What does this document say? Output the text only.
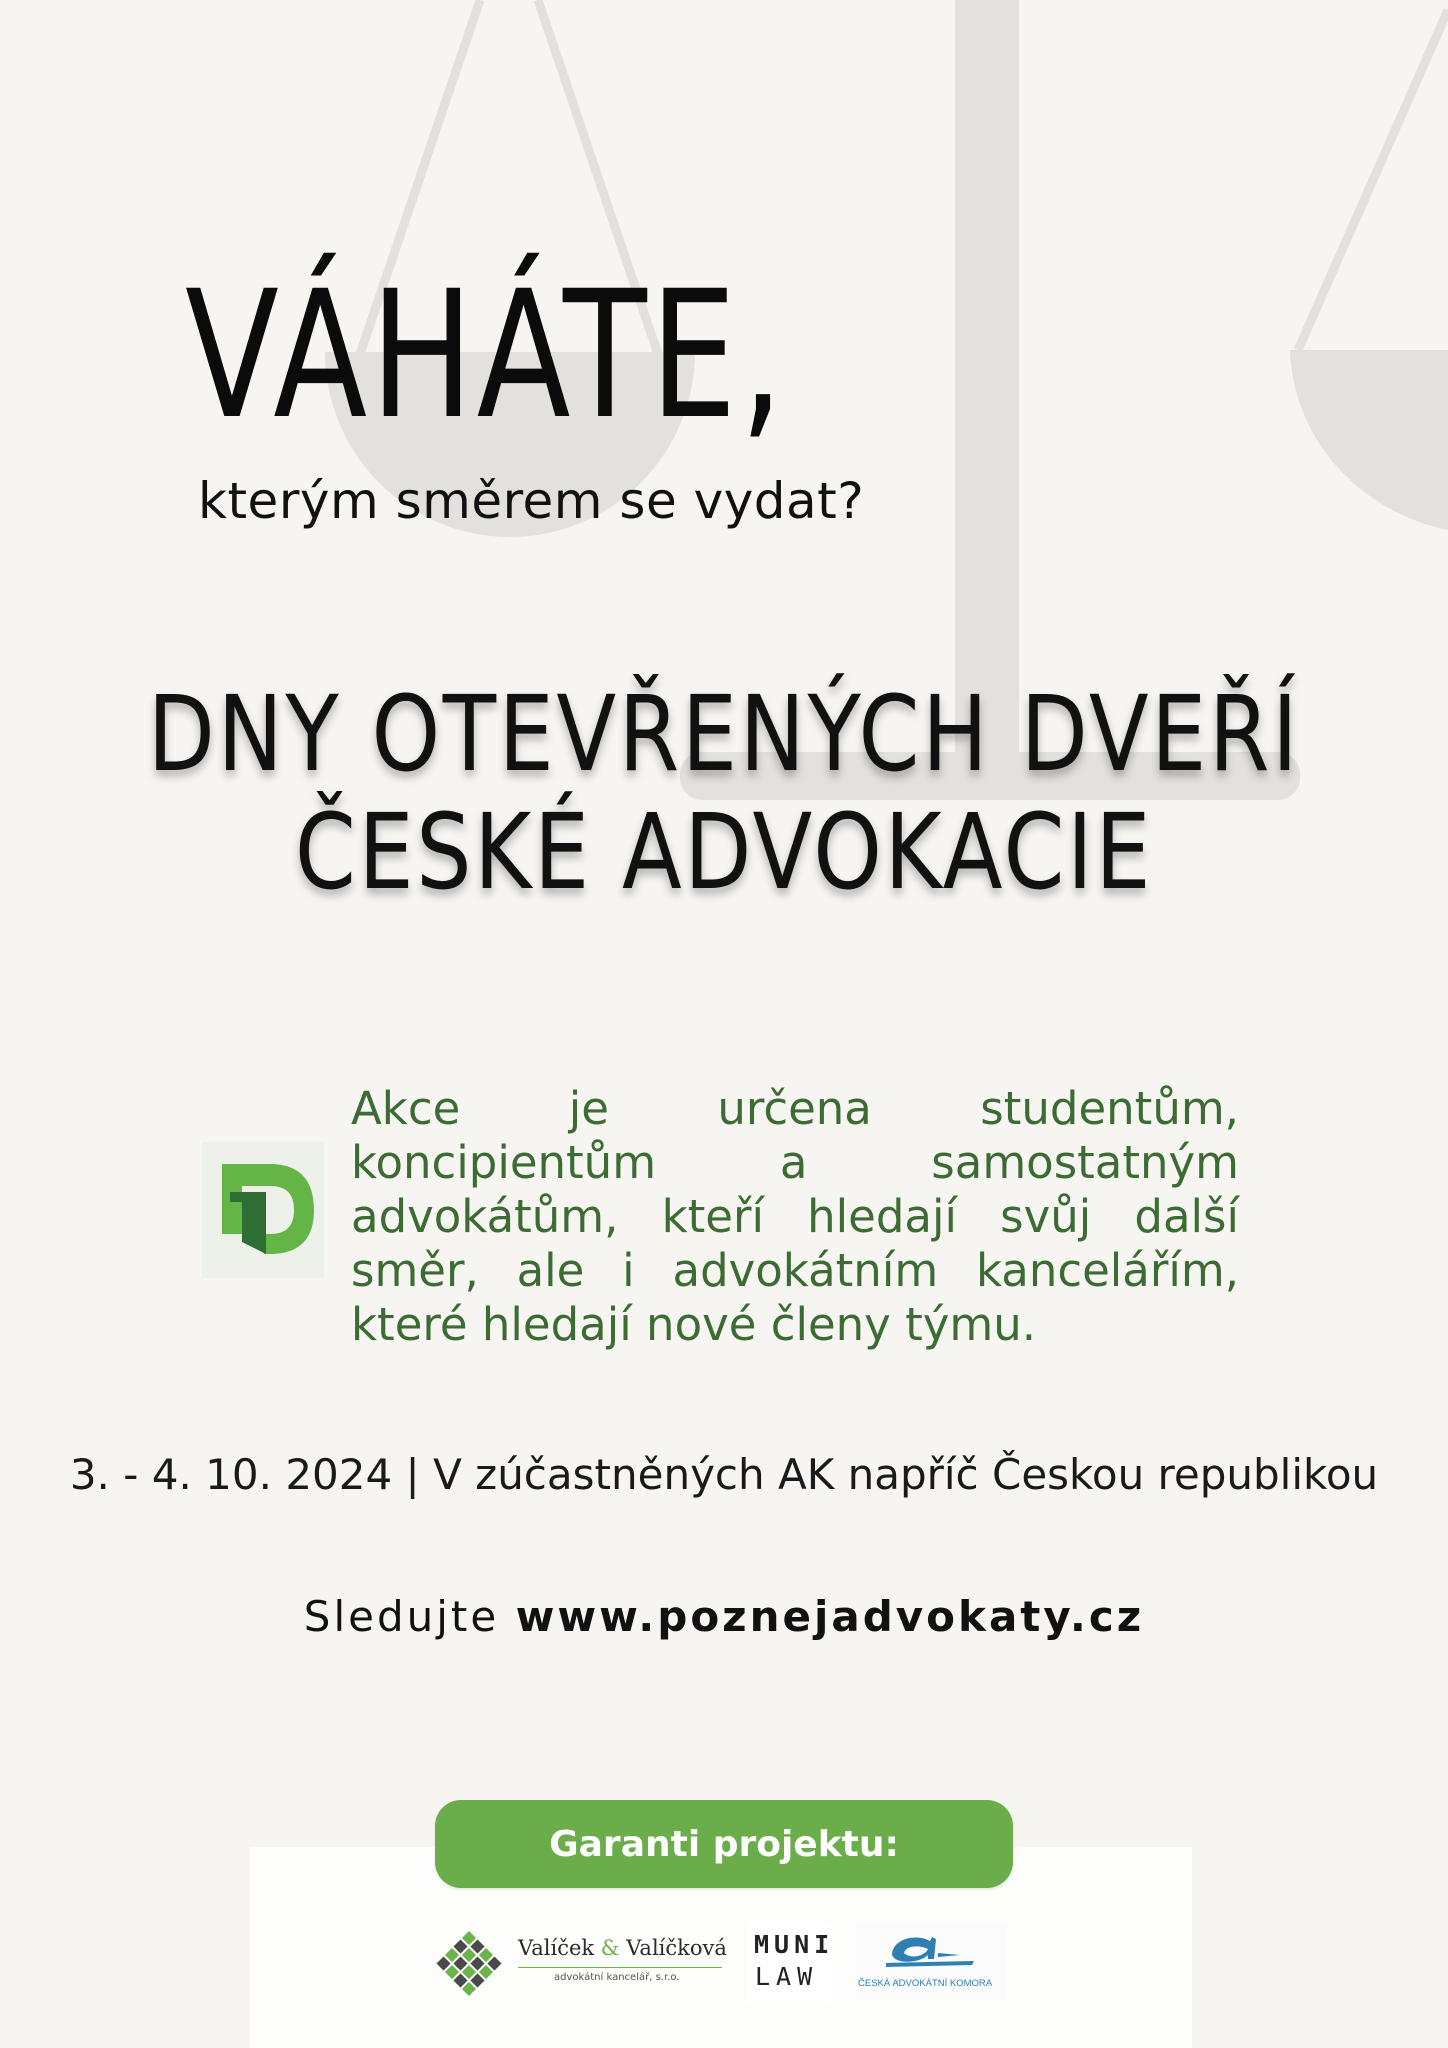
VÁHÁTE,
kterým směrem se vydat?
DNY OTEVŘENÝCH DVEŘÍ
ČESKÉ ADVOKACIE
Akce je určena studentům, koncipientům a samostatným advokátům, kteří hledají svůj další směr, ale i advokátním kancelářím, které hledají nové členy týmu.
3. - 4. 10. 2024 | V zúčastněných AK napříč Českou republikou
Sledujte www.poznejadvokaty.cz
Garanti projektu:
Valíček & Valíčková
advokátní kancelář, s.r.o.
MUNI
LAW	ČESKÁ ADVOKÁTNÍ KOMORA
